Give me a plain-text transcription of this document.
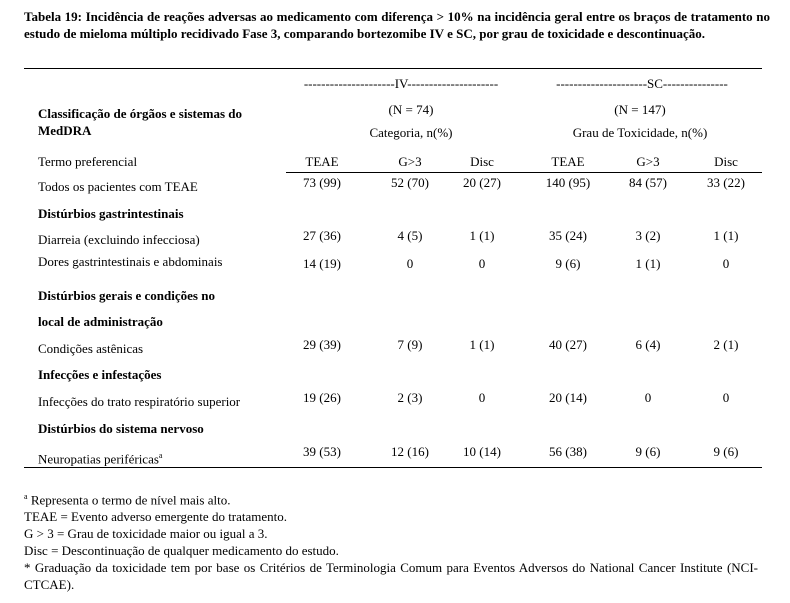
Tabela 19: Incidência de reações adversas ao medicamento com diferença > 10% na incidência geral entre os braços de tratamento no estudo de mieloma múltiplo recidivado Fase 3, comparando bortezomibe IV e SC, por grau de toxicidade e descontinuação.
---------------------IV---------------------	---------------------SC---------------
Classificação de órgãos e sistemas do MedDRA
(N = 74)	(N = 147)
Categoria, n(%)	Grau de Toxicidade, n(%)
Termo preferencial	TEAE	G>3	Disc	TEAE	G>3	Disc
Todos os pacientes com TEAE	73 (99)	52 (70)	20 (27)	140 (95)	84 (57)	33 (22)
Distúrbios gastrintestinais
Diarreia (excluindo infecciosa)	27 (36)	4 (5)	1 (1)	35 (24)	3 (2)	1 (1)
Dores gastrintestinais e abdominais	14 (19)	0	0	9 (6)	1 (1)	0
Distúrbios gerais e condições no
local de administração
Condições astênicas	29 (39)	7 (9)	1 (1)	40 (27)	6 (4)	2 (1)
Infecções e infestações
Infecções do trato respiratório superior	19 (26)	2 (3)	0	20 (14)	0	0
Distúrbios do sistema nervoso
Neuropatias periféricas$^a$	39 (53)	12 (16)	10 (14)	56 (38)	9 (6)	9 (6)
$^a$ Representa o termo de nível mais alto.
TEAE = Evento adverso emergente do tratamento.
G > 3 = Grau de toxicidade maior ou igual a 3.
Disc = Descontinuação de qualquer medicamento do estudo.
* Graduação da toxicidade tem por base os Critérios de Terminologia Comum para Eventos Adversos do National Cancer Institute (NCI-CTCAE).
